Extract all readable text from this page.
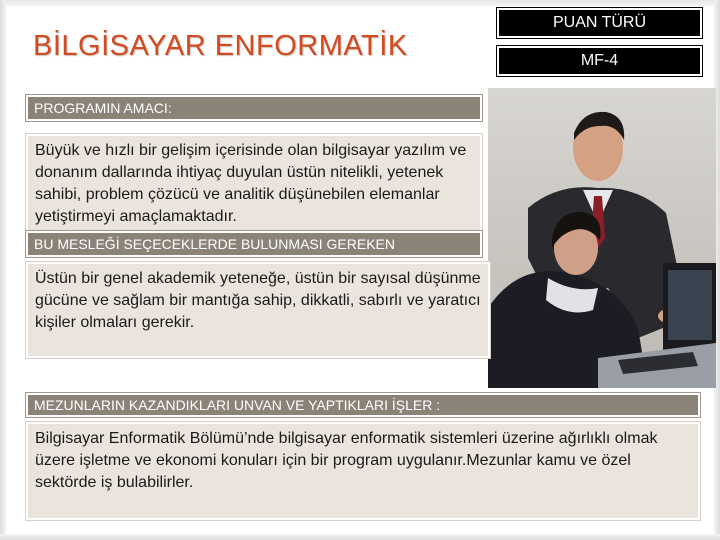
BİLGİSAYAR ENFORMATİK
PUAN TÜRÜ
MF-4
PROGRAMIN AMACI:
Büyük ve hızlı bir gelişim içerisinde olan bilgisayar yazılım ve donanım dallarında ihtiyaç duyulan üstün nitelikli, yetenek sahibi, problem çözücü ve analitik düşünebilen elemanlar yetiştirmeyi amaçlamaktadır.
BU MESLEĞİ SEÇECEKLERDE BULUNMASI GEREKEN
Üstün bir genel akademik yeteneğe, üstün bir sayısal düşünme gücüne ve sağlam bir mantığa sahip, dikkatli, sabırlı ve yaratıcı kişiler olmaları gerekir.
MEZUNLARIN KAZANDIKLARI UNVAN VE YAPTIKLARI İŞLER :
Bilgisayar Enformatik Bölümü’nde bilgisayar enformatik sistemleri üzerine ağırlıklı olmak üzere işletme ve ekonomi konuları için bir program uygulanır.Mezunlar kamu ve özel sektörde iş bulabilirler.
